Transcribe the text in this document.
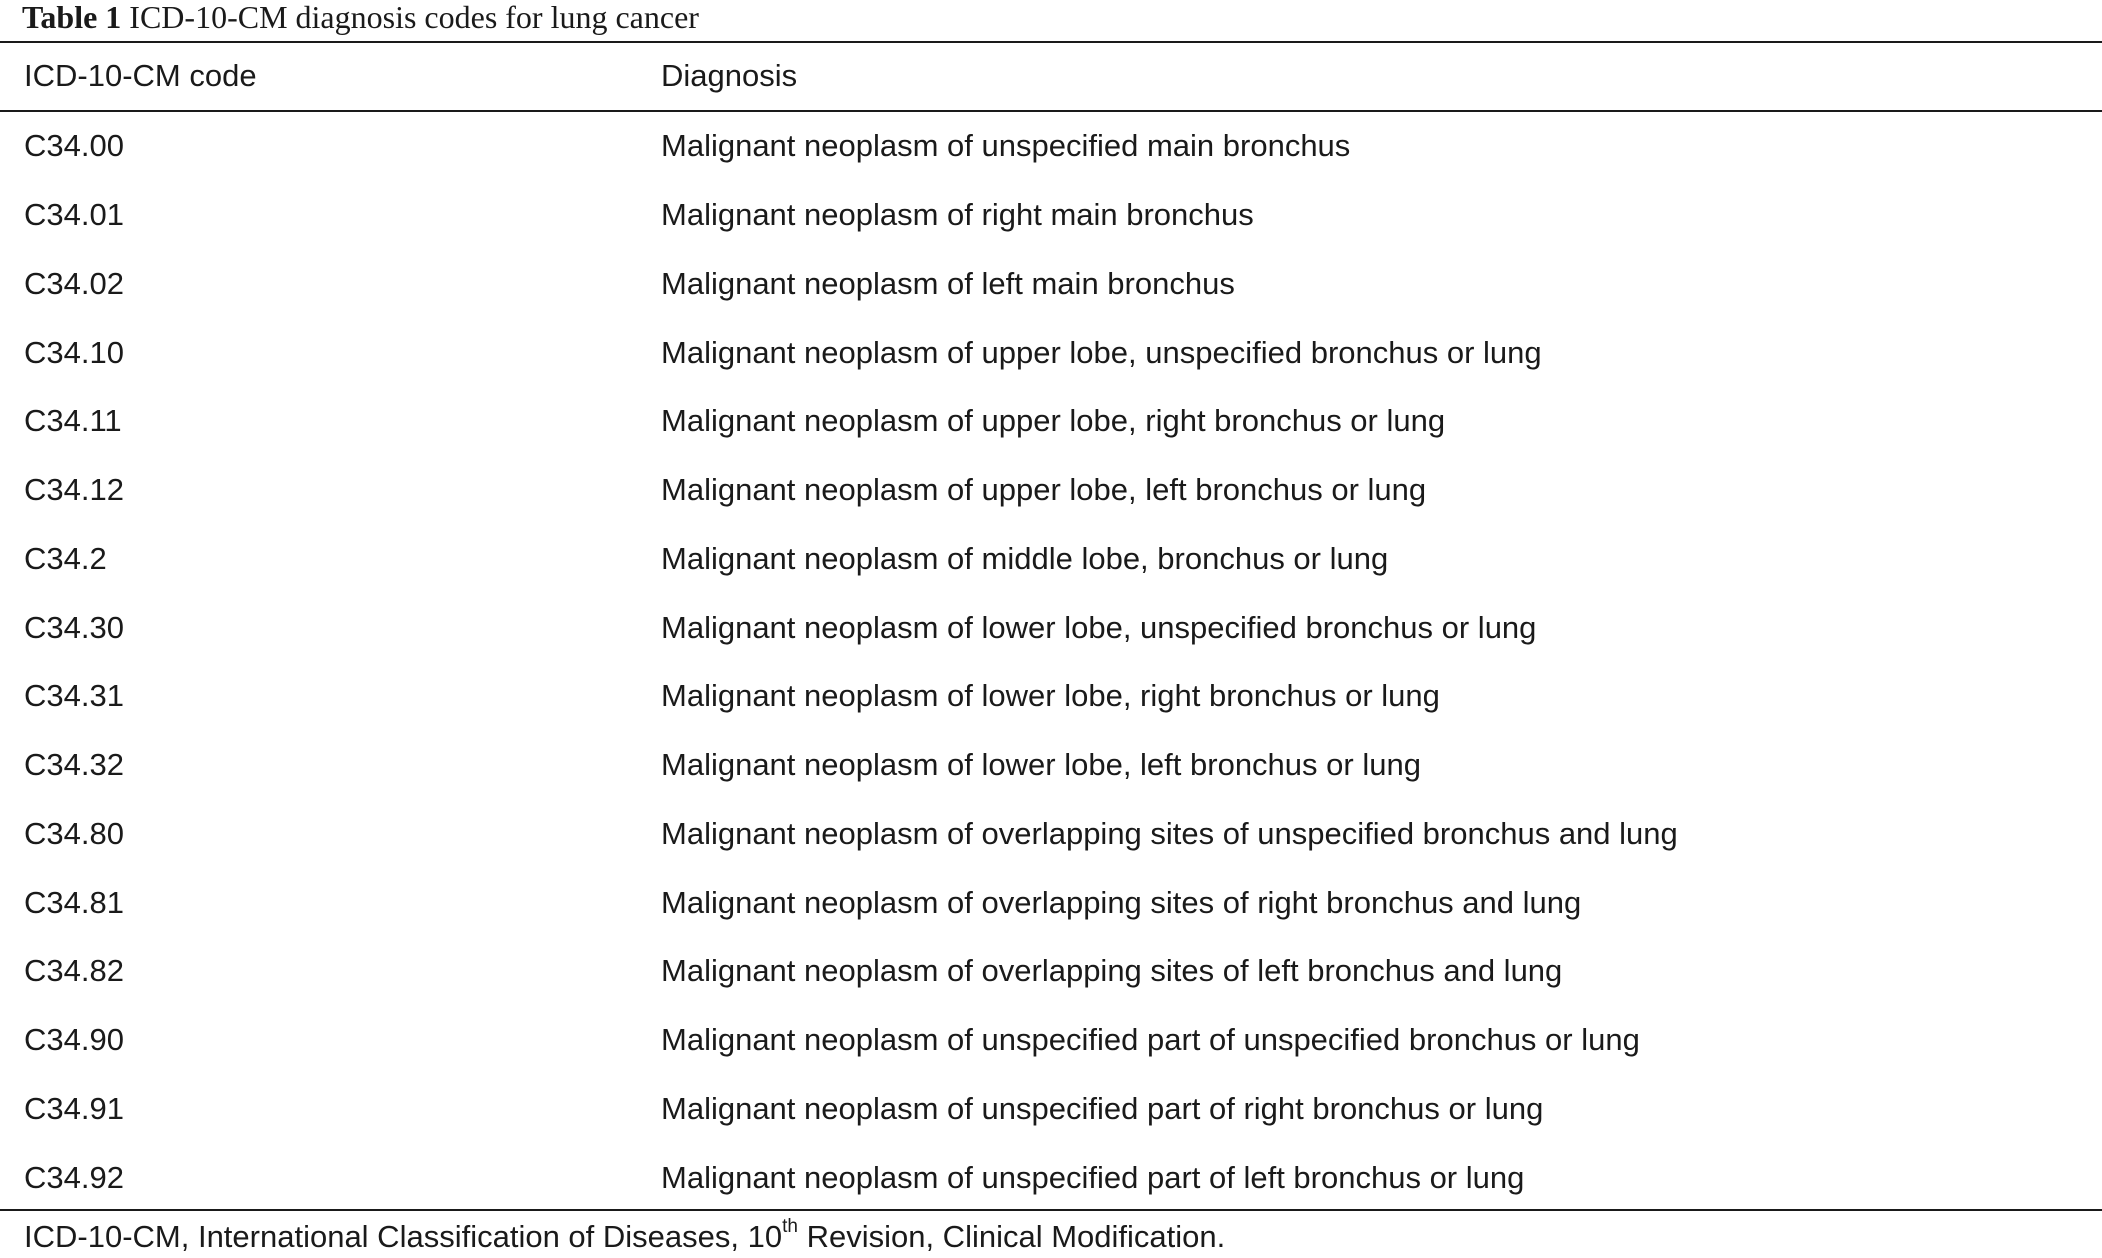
Table 1 ICD-10-CM diagnosis codes for lung cancer
ICD-10-CM code	Diagnosis
C34.00	Malignant neoplasm of unspecified main bronchus
C34.01	Malignant neoplasm of right main bronchus
C34.02	Malignant neoplasm of left main bronchus
C34.10	Malignant neoplasm of upper lobe, unspecified bronchus or lung
C34.11	Malignant neoplasm of upper lobe, right bronchus or lung
C34.12	Malignant neoplasm of upper lobe, left bronchus or lung
C34.2	Malignant neoplasm of middle lobe, bronchus or lung
C34.30	Malignant neoplasm of lower lobe, unspecified bronchus or lung
C34.31	Malignant neoplasm of lower lobe, right bronchus or lung
C34.32	Malignant neoplasm of lower lobe, left bronchus or lung
C34.80	Malignant neoplasm of overlapping sites of unspecified bronchus and lung
C34.81	Malignant neoplasm of overlapping sites of right bronchus and lung
C34.82	Malignant neoplasm of overlapping sites of left bronchus and lung
C34.90	Malignant neoplasm of unspecified part of unspecified bronchus or lung
C34.91	Malignant neoplasm of unspecified part of right bronchus or lung
C34.92	Malignant neoplasm of unspecified part of left bronchus or lung
ICD-10-CM, International Classification of Diseases, 10th Revision, Clinical Modification.
